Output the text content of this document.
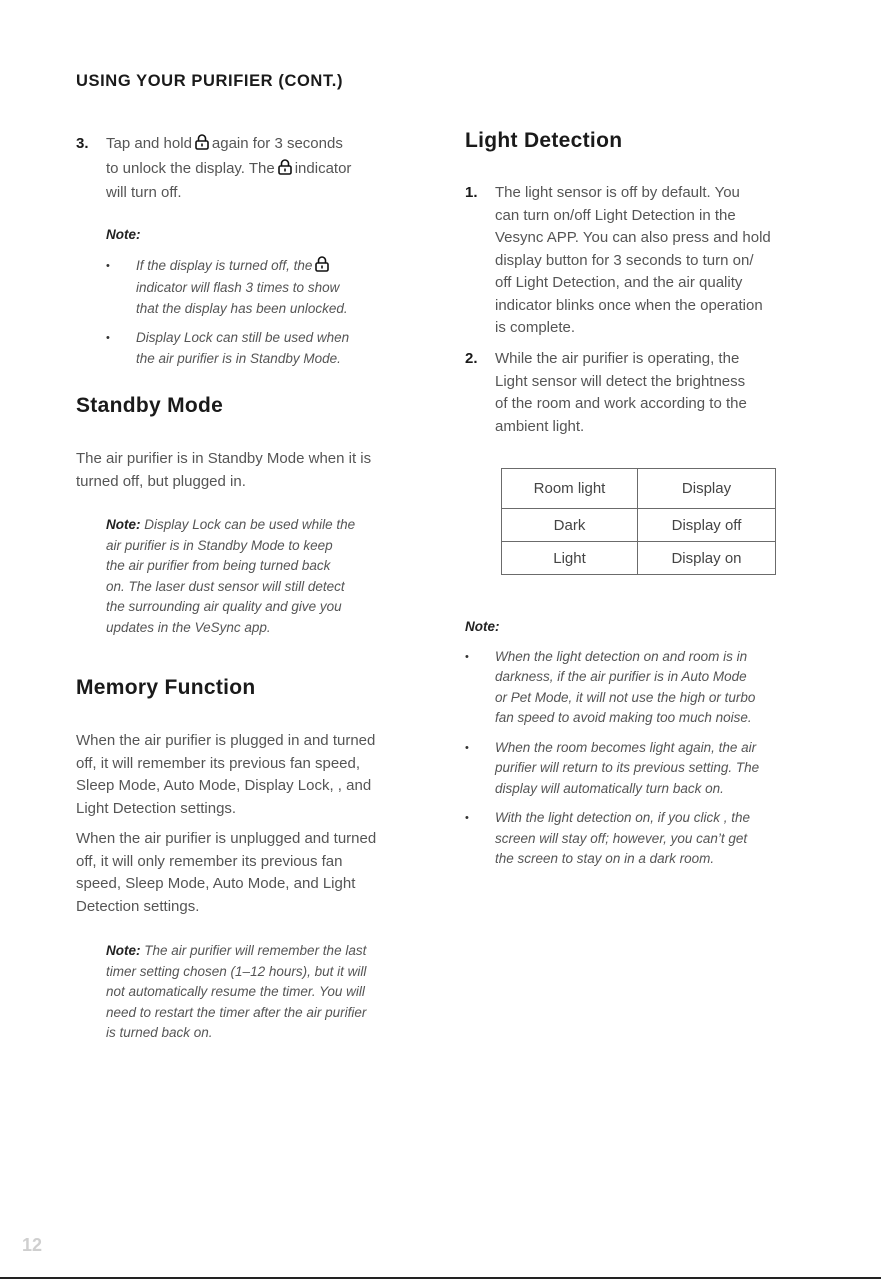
USING YOUR PURIFIER (CONT.)
3. Tap and hold again for 3 seconds
to unlock the display. The indicator
will turn off.
Note:
• If the display is turned off, the
indicator will flash 3 times to show
that the display has been unlocked.
• Display Lock can still be used when
the air purifier is in Standby Mode.
Standby Mode
The air purifier is in Standby Mode when it is
turned off, but plugged in.
Note: Display Lock can be used while the
air purifier is in Standby Mode to keep
the air purifier from being turned back
on. The laser dust sensor will still detect
the surrounding air quality and give you
updates in the VeSync app.
Memory Function
When the air purifier is plugged in and turned
off, it will remember its previous fan speed,
Sleep Mode, Auto Mode, Display Lock, , and
Light Detection settings.
When the air purifier is unplugged and turned
off, it will only remember its previous fan
speed, Sleep Mode, Auto Mode, and Light
Detection settings.
Note: The air purifier will remember the last
timer setting chosen (1–12 hours), but it will
not automatically resume the timer. You will
need to restart the timer after the air purifier
is turned back on.
Light Detection
1. The light sensor is off by default. You
can turn on/off Light Detection in the
Vesync APP. You can also press and hold
display button for 3 seconds to turn on/
off Light Detection, and the air quality
indicator blinks once when the operation
is complete.
2. While the air purifier is operating, the
Light sensor will detect the brightness
of the room and work according to the
ambient light.
Room light	Display
Dark	Display off
Light	Display on
Note:
• When the light detection on and room is in
darkness, if the air purifier is in Auto Mode
or Pet Mode, it will not use the high or turbo
fan speed to avoid making too much noise.
• When the room becomes light again, the air
purifier will return to its previous setting. The
display will automatically turn back on.
• With the light detection on, if you click , the
screen will stay off; however, you can’t get
the screen to stay on in a dark room.
12
